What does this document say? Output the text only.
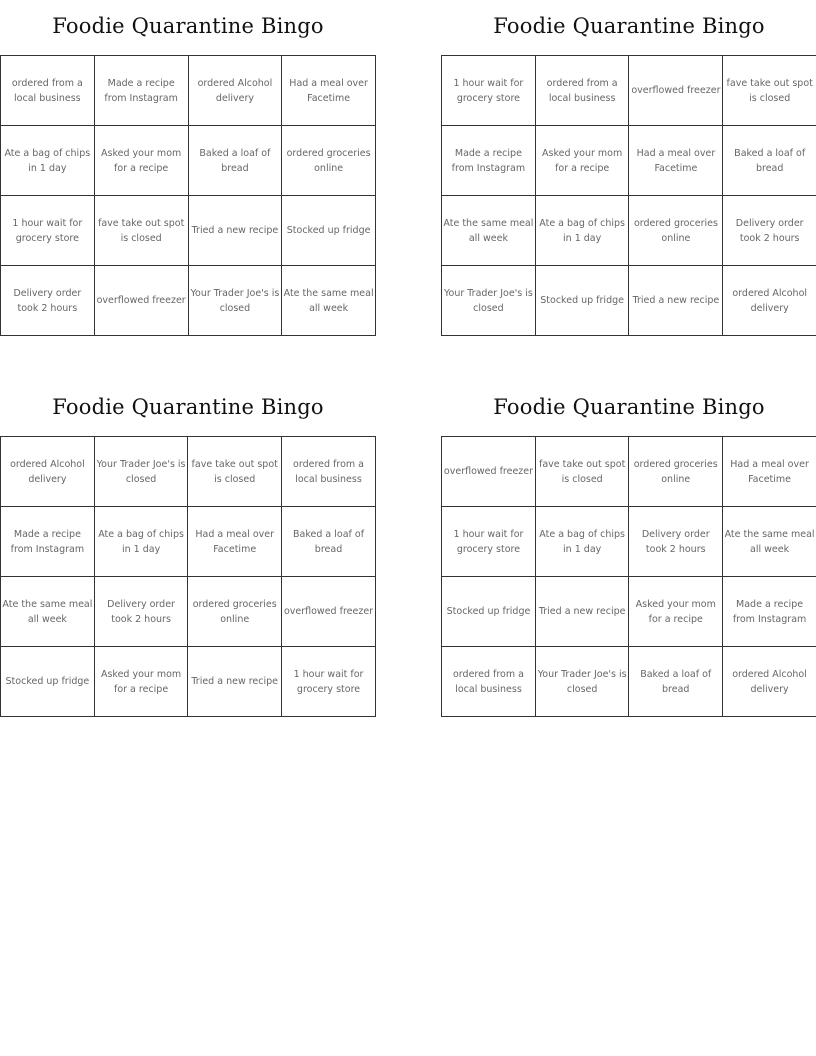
Foodie Quarantine Bingo
ordered from a local business	Made a recipe from Instagram	ordered Alcohol delivery	Had a meal over Facetime
Ate a bag of chips in 1 day	Asked your mom for a recipe	Baked a loaf of bread	ordered groceries online
1 hour wait for grocery store	fave take out spot is closed	Tried a new recipe	Stocked up fridge
Delivery order took 2 hours	overflowed freezer	Your Trader Joe's is closed	Ate the same meal all week
Foodie Quarantine Bingo
1 hour wait for grocery store	ordered from a local business	overflowed freezer	fave take out spot is closed
Made a recipe from Instagram	Asked your mom for a recipe	Had a meal over Facetime	Baked a loaf of bread
Ate the same meal all week	Ate a bag of chips in 1 day	ordered groceries online	Delivery order took 2 hours
Your Trader Joe's is closed	Stocked up fridge	Tried a new recipe	ordered Alcohol delivery
Foodie Quarantine Bingo
ordered Alcohol delivery	Your Trader Joe's is closed	fave take out spot is closed	ordered from a local business
Made a recipe from Instagram	Ate a bag of chips in 1 day	Had a meal over Facetime	Baked a loaf of bread
Ate the same meal all week	Delivery order took 2 hours	ordered groceries online	overflowed freezer
Stocked up fridge	Asked your mom for a recipe	Tried a new recipe	1 hour wait for grocery store
Foodie Quarantine Bingo
overflowed freezer	fave take out spot is closed	ordered groceries online	Had a meal over Facetime
1 hour wait for grocery store	Ate a bag of chips in 1 day	Delivery order took 2 hours	Ate the same meal all week
Stocked up fridge	Tried a new recipe	Asked your mom for a recipe	Made a recipe from Instagram
ordered from a local business	Your Trader Joe's is closed	Baked a loaf of bread	ordered Alcohol delivery
